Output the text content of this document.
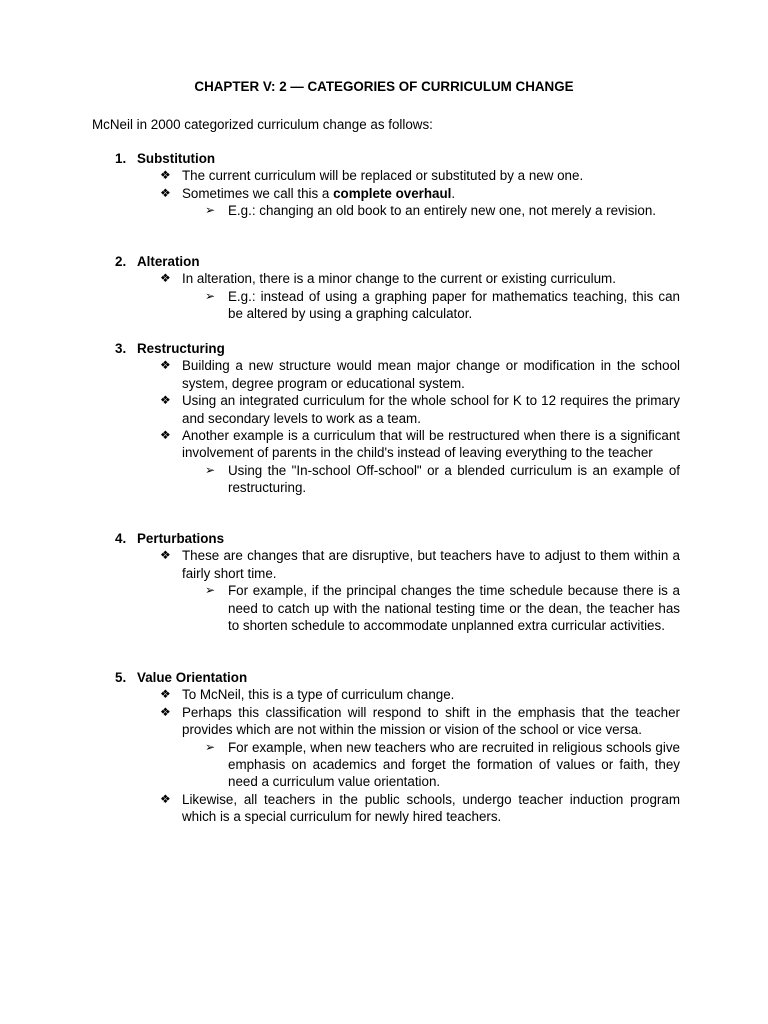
CHAPTER V: 2 — CATEGORIES OF CURRICULUM CHANGE
McNeil in 2000 categorized curriculum change as follows:
1. Substitution
❖ The current curriculum will be replaced or substituted by a new one.
❖ Sometimes we call this a complete overhaul.
➢ E.g.: changing an old book to an entirely new one, not merely a revision.
2. Alteration
❖ In alteration, there is a minor change to the current or existing curriculum.
➢ E.g.: instead of using a graphing paper for mathematics teaching, this can be altered by using a graphing calculator.
3. Restructuring
❖ Building a new structure would mean major change or modification in the school system, degree program or educational system.
❖ Using an integrated curriculum for the whole school for K to 12 requires the primary and secondary levels to work as a team.
❖ Another example is a curriculum that will be restructured when there is a significant involvement of parents in the child's instead of leaving everything to the teacher
➢ Using the "In-school Off-school" or a blended curriculum is an example of restructuring.
4. Perturbations
❖ These are changes that are disruptive, but teachers have to adjust to them within a fairly short time.
➢ For example, if the principal changes the time schedule because there is a need to catch up with the national testing time or the dean, the teacher has to shorten schedule to accommodate unplanned extra curricular activities.
5. Value Orientation
❖ To McNeil, this is a type of curriculum change.
❖ Perhaps this classification will respond to shift in the emphasis that the teacher provides which are not within the mission or vision of the school or vice versa.
➢ For example, when new teachers who are recruited in religious schools give emphasis on academics and forget the formation of values or faith, they need a curriculum value orientation.
❖ Likewise, all teachers in the public schools, undergo teacher induction program which is a special curriculum for newly hired teachers.
